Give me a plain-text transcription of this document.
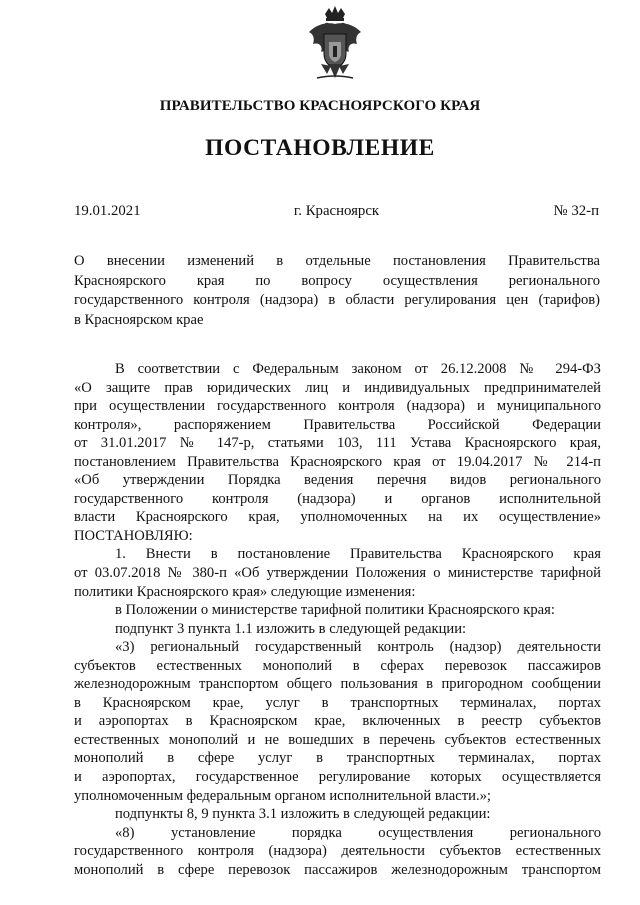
ПРАВИТЕЛЬСТВО КРАСНОЯРСКОГО КРАЯ
ПОСТАНОВЛЕНИЕ
19.01.2021	г. Красноярск	№ 32-п
О внесении изменений в отдельные постановления Правительства
Красноярского края по вопросу осуществления регионального
государственного контроля (надзора) в области регулирования цен (тарифов)
в Красноярском крае
В соответствии с Федеральным законом от 26.12.2008 № 294-ФЗ
«О защите прав юридических лиц и индивидуальных предпринимателей
при осуществлении государственного контроля (надзора) и муниципального
контроля», распоряжением Правительства Российской Федерации
от 31.01.2017 № 147-р, статьями 103, 111 Устава Красноярского края,
постановлением Правительства Красноярского края от 19.04.2017 № 214-п
«Об утверждении Порядка ведения перечня видов регионального
государственного контроля (надзора) и органов исполнительной
власти Красноярского края, уполномоченных на их осуществление»
ПОСТАНОВЛЯЮ:
1. Внести в постановление Правительства Красноярского края
от 03.07.2018 № 380-п «Об утверждении Положения о министерстве тарифной
политики Красноярского края» следующие изменения:
в Положении о министерстве тарифной политики Красноярского края:
подпункт 3 пункта 1.1 изложить в следующей редакции:
«3) региональный государственный контроль (надзор) деятельности
субъектов естественных монополий в сферах перевозок пассажиров
железнодорожным транспортом общего пользования в пригородном сообщении
в Красноярском крае, услуг в транспортных терминалах, портах
и аэропортах в Красноярском крае, включенных в реестр субъектов
естественных монополий и не вошедших в перечень субъектов естественных
монополий в сфере услуг в транспортных терминалах, портах
и аэропортах, государственное регулирование которых осуществляется
уполномоченным федеральным органом исполнительной власти.»;
подпункты 8, 9 пункта 3.1 изложить в следующей редакции:
«8) установление порядка осуществления регионального
государственного контроля (надзора) деятельности субъектов естественных
монополий в сфере перевозок пассажиров железнодорожным транспортом
